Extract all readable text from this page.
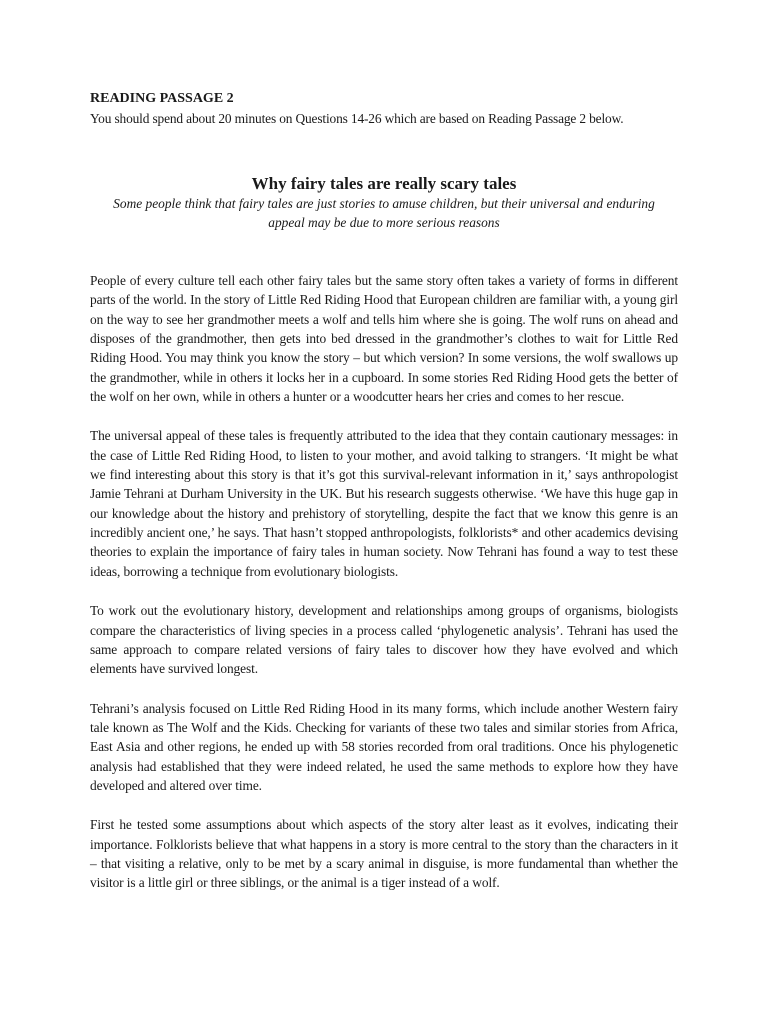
READING PASSAGE 2

You should spend about 20 minutes on Questions 14-26 which are based on Reading Passage 2 below.

Why fairy tales are really scary tales

Some people think that fairy tales are just stories to amuse children, but their universal and enduring appeal may be due to more serious reasons

People of every culture tell each other fairy tales but the same story often takes a variety of forms in different parts of the world. In the story of Little Red Riding Hood that European children are familiar with, a young girl on the way to see her grandmother meets a wolf and tells him where she is going. The wolf runs on ahead and disposes of the grandmother, then gets into bed dressed in the grandmother’s clothes to wait for Little Red Riding Hood. You may think you know the story – but which version? In some versions, the wolf swallows up the grandmother, while in others it locks her in a cupboard. In some stories Red Riding Hood gets the better of the wolf on her own, while in others a hunter or a woodcutter hears her cries and comes to her rescue.

The universal appeal of these tales is frequently attributed to the idea that they contain cautionary messages: in the case of Little Red Riding Hood, to listen to your mother, and avoid talking to strangers. ‘It might be what we find interesting about this story is that it’s got this survival-relevant information in it,’ says anthropologist Jamie Tehrani at Durham University in the UK. But his research suggests otherwise. ‘We have this huge gap in our knowledge about the history and prehistory of storytelling, despite the fact that we know this genre is an incredibly ancient one,’ he says. That hasn’t stopped anthropologists, folklorists* and other academics devising theories to explain the importance of fairy tales in human society. Now Tehrani has found a way to test these ideas, borrowing a technique from evolutionary biologists.

To work out the evolutionary history, development and relationships among groups of organisms, biologists compare the characteristics of living species in a process called ‘phylogenetic analysis’. Tehrani has used the same approach to compare related versions of fairy tales to discover how they have evolved and which elements have survived longest.

Tehrani’s analysis focused on Little Red Riding Hood in its many forms, which include another Western fairy tale known as The Wolf and the Kids. Checking for variants of these two tales and similar stories from Africa, East Asia and other regions, he ended up with 58 stories recorded from oral traditions. Once his phylogenetic analysis had established that they were indeed related, he used the same methods to explore how they have developed and altered over time.

First he tested some assumptions about which aspects of the story alter least as it evolves, indicating their importance. Folklorists believe that what happens in a story is more central to the story than the characters in it – that visiting a relative, only to be met by a scary animal in disguise, is more fundamental than whether the visitor is a little girl or three siblings, or the animal is a tiger instead of a wolf.
